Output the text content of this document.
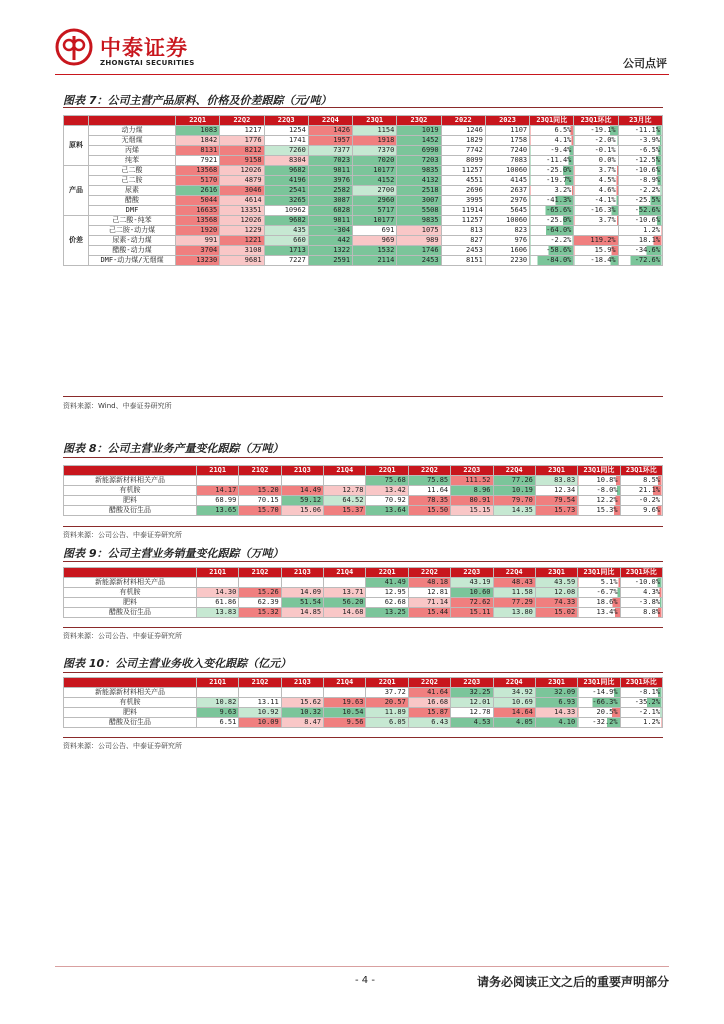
中泰证券
ZHONGTAI SECURITIES	公司点评
图表 7：公司主营产品原料、价格及价差跟踪（元/吨）
		22Q1	22Q2	22Q3	22Q4	23Q1	23Q2	2022	2023	23Q1同比	23Q1环比	23月比
原料	动力煤	1083	1217	1254	1426	1154	1019	1246	1107	6.5%	-19.1%	-11.1%
	无烟煤	1842	1776	1741	1957	1918	1452	1829	1758	4.1%	-2.0%	-3.9%
	丙烯	8131	8212	7260	7377	7370	6990	7742	7240	-9.4%	-0.1%	-6.5%
	纯苯	7921	9158	8304	7023	7020	7203	8099	7083	-11.4%	0.0%	-12.5%
产品	己二酸	13568	12026	9682	9811	10177	9835	11257	10060	-25.0%	3.7%	-10.6%
	己二胺	5170	4879	4196	3976	4152	4132	4551	4145	-19.7%	4.5%	-8.9%
	尿素	2616	3046	2541	2582	2700	2518	2696	2637	3.2%	4.6%	-2.2%
	醋酸	5044	4614	3265	3087	2960	3007	3995	2976	-41.3%	-4.1%	-25.5%
	DMF	16635	13351	10962	6828	5717	5508	11914	5645	-65.6%	-16.3%	-52.6%
价差	己二酸-纯苯	13568	12026	9682	9811	10177	9835	11257	10060	-25.0%	3.7%	-10.6%
	己二胺-动力煤	1920	1229	435	-304	691	1075	813	823	-64.0%		1.2%
	尿素-动力煤	991	1221	660	442	969	989	827	976	-2.2%	119.2%	18.1%
	醋酸-动力煤	3704	3108	1713	1322	1532	1746	2453	1606	-58.6%	15.9%	-34.6%
	DMF-动力煤/无烟煤	13230	9681	7227	2591	2114	2453	8151	2230	-84.0%	-18.4%	-72.6%
资料来源：Wind、中泰证券研究所
图表 8：公司主营业务产量变化跟踪（万吨）
	21Q1	21Q2	21Q3	21Q4	22Q1	22Q2	22Q3	22Q4	23Q1	23Q1同比	23Q1环比
新能源新材料相关产品					75.68	75.85	111.52	77.26	83.83	10.8%	8.5%
有机胺	14.17	15.20	14.49	12.78	13.42	11.64	8.96	10.19	12.34	-8.0%	21.1%
肥料	68.99	70.15	59.12	64.52	70.92	78.35	80.91	79.70	79.54	12.2%	-0.2%
醋酸及衍生品	13.65	15.70	15.06	15.37	13.64	15.50	15.15	14.35	15.73	15.3%	9.6%
资料来源：公司公告、中泰证券研究所
图表 9：公司主营业务销量变化跟踪（万吨）
	21Q1	21Q2	21Q3	21Q4	22Q1	22Q2	22Q3	22Q4	23Q1	23Q1同比	23Q1环比
新能源新材料相关产品					41.49	48.18	43.19	48.43	43.59	5.1%	-10.0%
有机胺	14.30	15.26	14.09	13.71	12.95	12.81	10.60	11.58	12.08	-6.7%	4.3%
肥料	61.86	62.39	51.54	56.20	62.68	71.14	72.62	77.29	74.33	18.6%	-3.8%
醋酸及衍生品	13.83	15.32	14.85	14.68	13.25	15.44	15.11	13.80	15.02	13.4%	8.8%
资料来源：公司公告、中泰证券研究所
图表 10：公司主营业务收入变化跟踪（亿元）
	21Q1	21Q2	21Q3	21Q4	22Q1	22Q2	22Q3	22Q4	23Q1	23Q1同比	23Q1环比
新能源新材料相关产品					37.72	41.64	32.25	34.92	32.09	-14.9%	-8.1%
有机胺	10.82	13.11	15.62	19.63	20.57	16.68	12.01	10.69	6.93	-66.3%	-35.2%
肥料	9.63	10.92	10.32	10.54	11.89	15.87	12.78	14.64	14.33	20.5%	-2.1%
醋酸及衍生品	6.51	10.09	8.47	9.56	6.05	6.43	4.53	4.05	4.10	-32.2%	1.2%
资料来源：公司公告、中泰证券研究所
- 4 -	请务必阅读正文之后的重要声明部分
